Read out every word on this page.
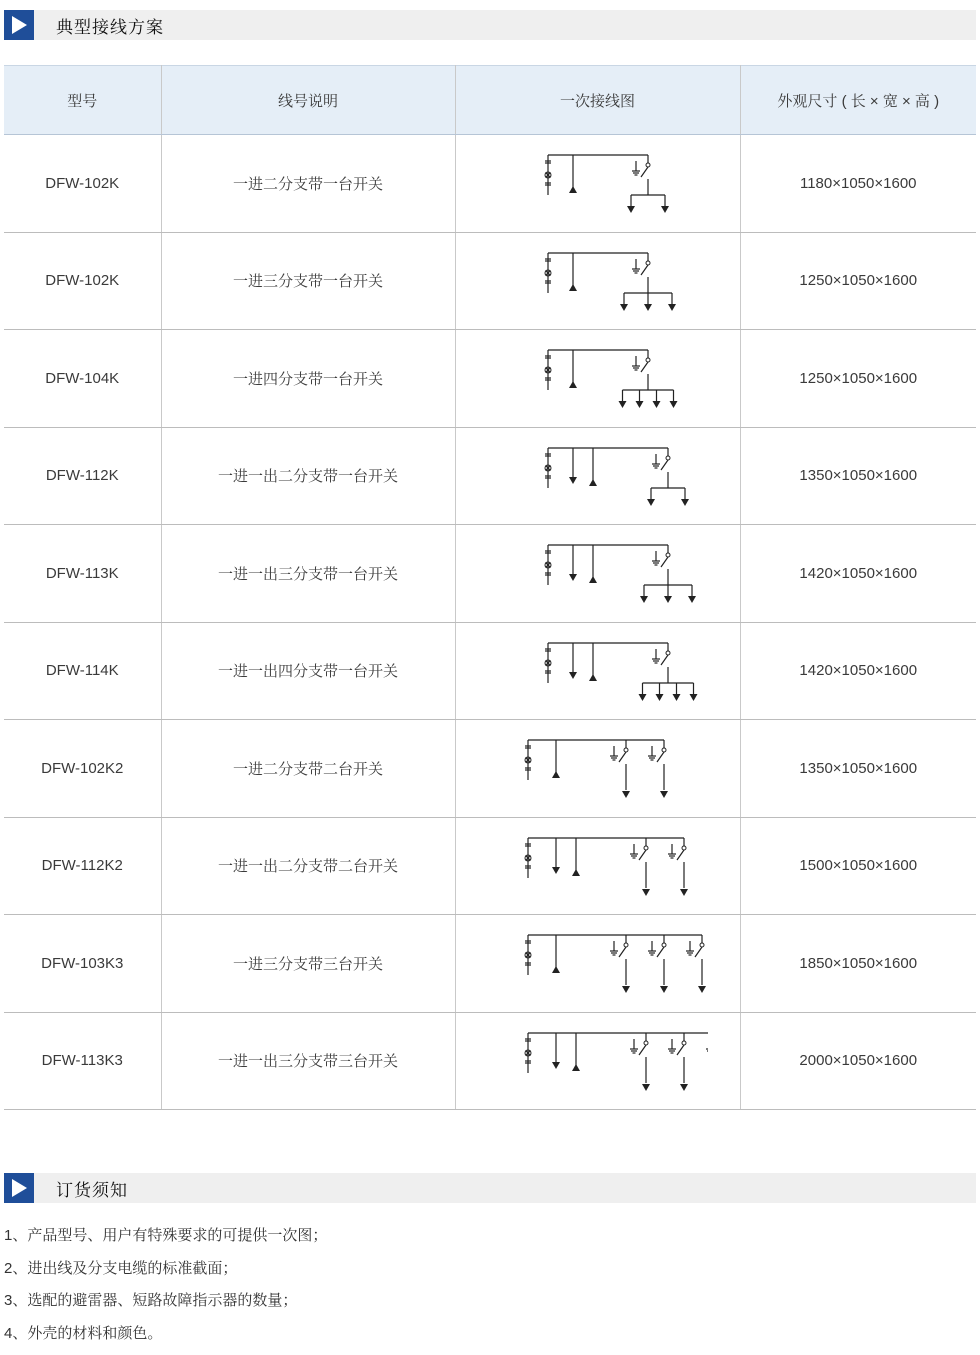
典型接线方案
型号	线号说明	一次接线图	外观尺寸 ( 长 × 宽 × 高 )
DFW-102K	一进二分支带一台开关		1180×1050×1600
DFW-102K	一进三分支带一台开关		1250×1050×1600
DFW-104K	一进四分支带一台开关		1250×1050×1600
DFW-112K	一进一出二分支带一台开关		1350×1050×1600
DFW-113K	一进一出三分支带一台开关		1420×1050×1600
DFW-114K	一进一出四分支带一台开关		1420×1050×1600
DFW-102K2	一进二分支带二台开关		1350×1050×1600
DFW-112K2	一进一出二分支带二台开关		1500×1050×1600
DFW-103K3	一进三分支带三台开关		1850×1050×1600
DFW-113K3	一进一出三分支带三台开关		2000×1050×1600
订货须知

1、产品型号、用户有特殊要求的可提供一次图；

2、进出线及分支电缆的标准截面；

3、选配的避雷器、短路故障指示器的数量；

4、外壳的材料和颜色。
